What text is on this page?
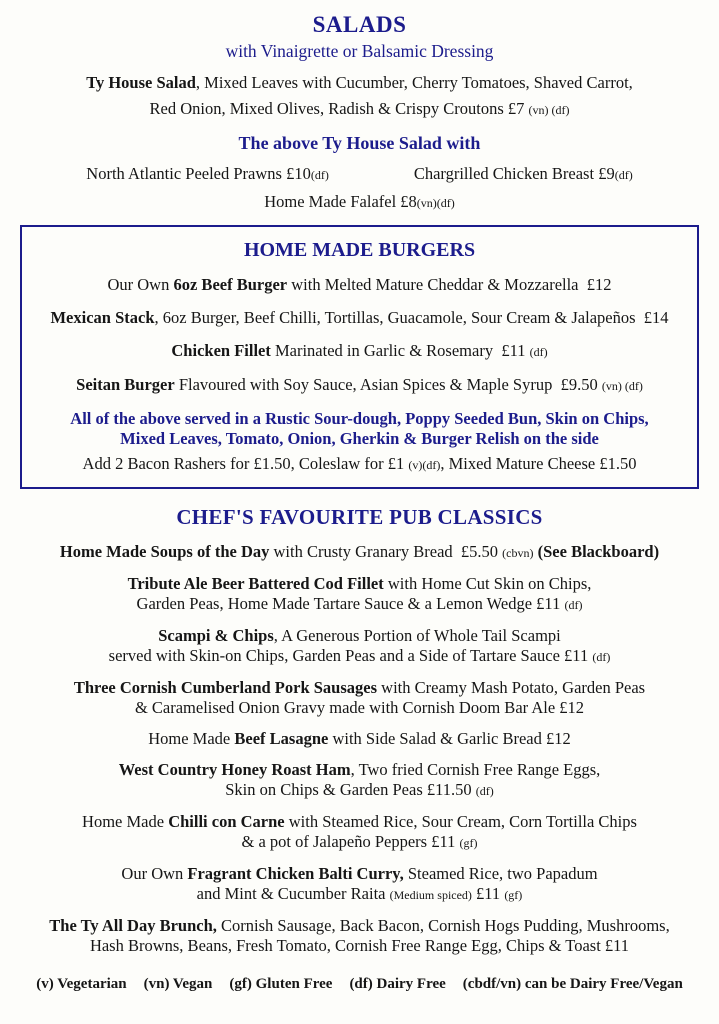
SALADS

with Vinaigrette or Balsamic Dressing

Ty House Salad, Mixed Leaves with Cucumber, Cherry Tomatoes, Shaved Carrot,
Red Onion, Mixed Olives, Radish & Crispy Croutons £7 (vn) (df)

The above Ty House Salad with
North Atlantic Peeled Prawns £10(df)	Chargrilled Chicken Breast £9(df)

Home Made Falafel £8(vn)(df)

HOME MADE BURGERS

Our Own 6oz Beef Burger with Melted Mature Cheddar & Mozzarella  £12

Mexican Stack, 6oz Burger, Beef Chilli, Tortillas, Guacamole, Sour Cream & Jalapeños  £14

Chicken Fillet Marinated in Garlic & Rosemary  £11 (df)

Seitan Burger Flavoured with Soy Sauce, Asian Spices & Maple Syrup  £9.50 (vn) (df)

All of the above served in a Rustic Sour-dough, Poppy Seeded Bun, Skin on Chips,
Mixed Leaves, Tomato, Onion, Gherkin & Burger Relish on the side

Add 2 Bacon Rashers for £1.50, Coleslaw for £1 (v)(df), Mixed Mature Cheese £1.50

CHEF'S FAVOURITE PUB CLASSICS

Home Made Soups of the Day with Crusty Granary Bread  £5.50 (cbvn) (See Blackboard)

Tribute Ale Beer Battered Cod Fillet with Home Cut Skin on Chips,
Garden Peas, Home Made Tartare Sauce & a Lemon Wedge £11 (df)

Scampi & Chips, A Generous Portion of Whole Tail Scampi
served with Skin-on Chips, Garden Peas and a Side of Tartare Sauce £11 (df)

Three Cornish Cumberland Pork Sausages with Creamy Mash Potato, Garden Peas
& Caramelised Onion Gravy made with Cornish Doom Bar Ale £12

Home Made Beef Lasagne with Side Salad & Garlic Bread £12

West Country Honey Roast Ham, Two fried Cornish Free Range Eggs,
Skin on Chips & Garden Peas £11.50 (df)

Home Made Chilli con Carne with Steamed Rice, Sour Cream, Corn Tortilla Chips
& a pot of Jalapeño Peppers £11 (gf)

Our Own Fragrant Chicken Balti Curry, Steamed Rice, two Papadum
and Mint & Cucumber Raita (Medium spiced) £11 (gf)

The Ty All Day Brunch, Cornish Sausage, Back Bacon, Cornish Hogs Pudding, Mushrooms,
Hash Browns, Beans, Fresh Tomato, Cornish Free Range Egg, Chips & Toast £11

(v) Vegetarian (vn) Vegan (gf) Gluten Free (df) Dairy Free (cbdf/vn) can be Dairy Free/Vegan
